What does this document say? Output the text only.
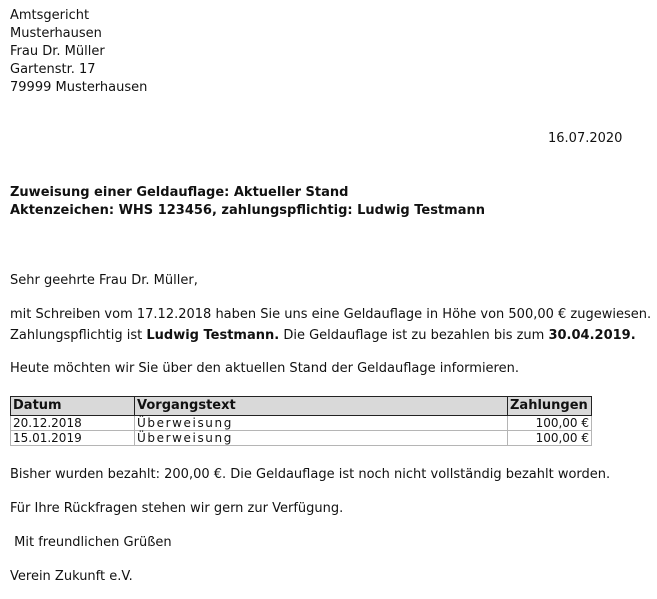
Amtsgericht
Musterhausen
Frau Dr. Müller
Gartenstr. 17
79999 Musterhausen
16.07.2020
Zuweisung einer Geldauflage: Aktueller Stand
Aktenzeichen: WHS 123456, zahlungspflichtig: Ludwig Testmann
Sehr geehrte Frau Dr. Müller,
mit Schreiben vom 17.12.2018 haben Sie uns eine Geldauflage in Höhe von 500,00 € zugewiesen.
Zahlungspflichtig ist Ludwig Testmann. Die Geldauflage ist zu bezahlen bis zum 30.04.2019.
Heute möchten wir Sie über den aktuellen Stand der Geldauflage informieren.
Datum	Vorgangstext	Zahlungen
20.12.2018	Überweisung	100,00 €
15.01.2019	Überweisung	100,00 €
Bisher wurden bezahlt: 200,00 €. Die Geldauflage ist noch nicht vollständig bezahlt worden.
Für Ihre Rückfragen stehen wir gern zur Verfügung.
Mit freundlichen Grüßen
Verein Zukunft e.V.
